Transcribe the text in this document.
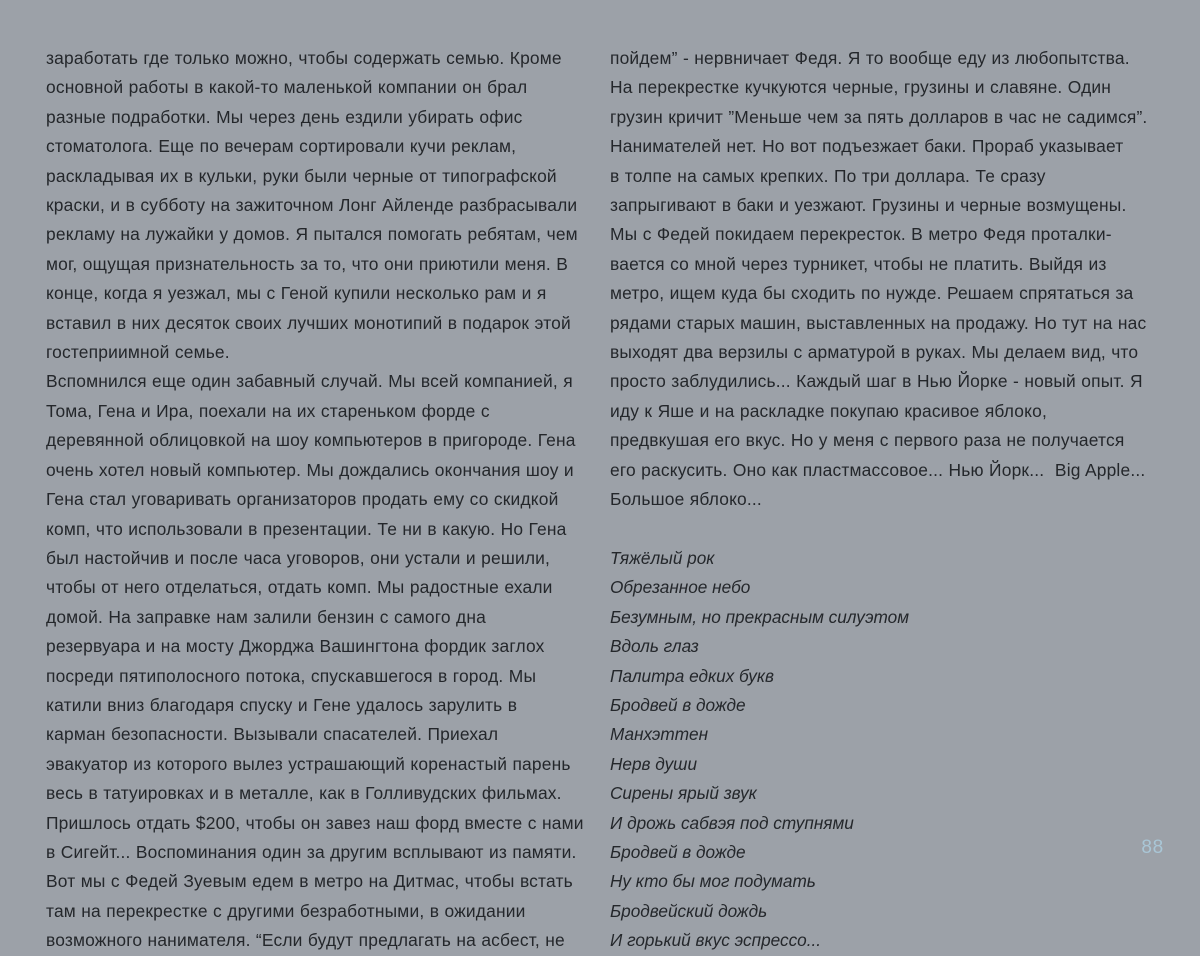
заработать где только можно, чтобы содержать семью. Кроме
основной работы в какой-то маленькой компании он брал
разные подработки. Мы через день ездили убирать офис
стоматолога. Еще по вечерам сортировали кучи реклам,
раскладывая их в кульки, руки были черные от типографской
краски, и в субботу на зажиточном Лонг Айленде разбрасывали
рекламу на лужайки у домов. Я пытался помогать ребятам, чем
мог, ощущая признательность за то, что они приютили меня. В
конце, когда я уезжал, мы с Геной купили несколько рам и я
вставил в них десяток своих лучших монотипий в подарок этой
гостеприимной семье.
Вспомнился еще один забавный случай. Мы всей компанией, я
Тома, Гена и Ира, поехали на их стареньком форде с
деревянной облицовкой на шоу компьютеров в пригороде. Гена
очень хотел новый компьютер. Мы дождались окончания шоу и
Гена стал уговаривать организаторов продать ему со скидкой
комп, что использовали в презентации. Те ни в какую. Но Гена
был настойчив и после часа уговоров, они устали и решили,
чтобы от него отделаться, отдать комп. Мы радостные ехали
домой. На заправке нам залили бензин с самого дна
резервуара и на мосту Джорджа Вашингтона фордик заглох
посреди пятиполосного потока, спускавшегося в город. Мы
катили вниз благодаря спуску и Гене удалось зарулить в
карман безопасности. Вызывали спасателей. Приехал
эвакуатор из которого вылез устрашающий коренастый парень
весь в татуировках и в металле, как в Голливудских фильмах.
Пришлось отдать $200, чтобы он завез наш форд вместе с нами
в Сигейт... Воспоминания один за другим всплывают из памяти.
Вот мы с Федей Зуевым едем в метро на Дитмас, чтобы встать
там на перекрестке с другими безработными, в ожидании
возможного нанимателя. “Если будут предлагать на асбест, не
пойдем” - нервничает Федя. Я то вообще еду из любопытства.
На перекрестке кучкуются черные, грузины и славяне. Один
грузин кричит ”Меньше чем за пять долларов в час не садимся”.
Нанимателей нет. Но вот подъезжает баки. Прораб указывает
в толпе на самых крепких. По три доллара. Те сразу
запрыгивают в баки и уезжают. Грузины и черные возмущены.
Мы с Федей покидаем перекресток. В метро Федя проталки-
вается со мной через турникет, чтобы не платить. Выйдя из
метро, ищем куда бы сходить по нужде. Решаем спрятаться за
рядами старых машин, выставленных на продажу. Но тут на нас
выходят два верзилы с арматурой в руках. Мы делаем вид, что
просто заблудились... Каждый шаг в Нью Йорке - новый опыт. Я
иду к Яше и на раскладке покупаю красивое яблоко,
предвкушая его вкус. Но у меня с первого раза не получается
его раскусить. Оно как пластмассовое... Нью Йорк...  Big Apple...
Большое яблоко...
Тяжёлый рок
Обрезанное небо
Безумным, но прекрасным силуэтом
Вдоль глаз
Палитра едких букв
Бродвей в дожде
Манхэттен
Нерв души
Сирены ярый звук
И дрожь сабвэя под ступнями
Бродвей в дожде
Ну кто бы мог подумать
Бродвейский дождь
И горький вкус эспрессо...
88
